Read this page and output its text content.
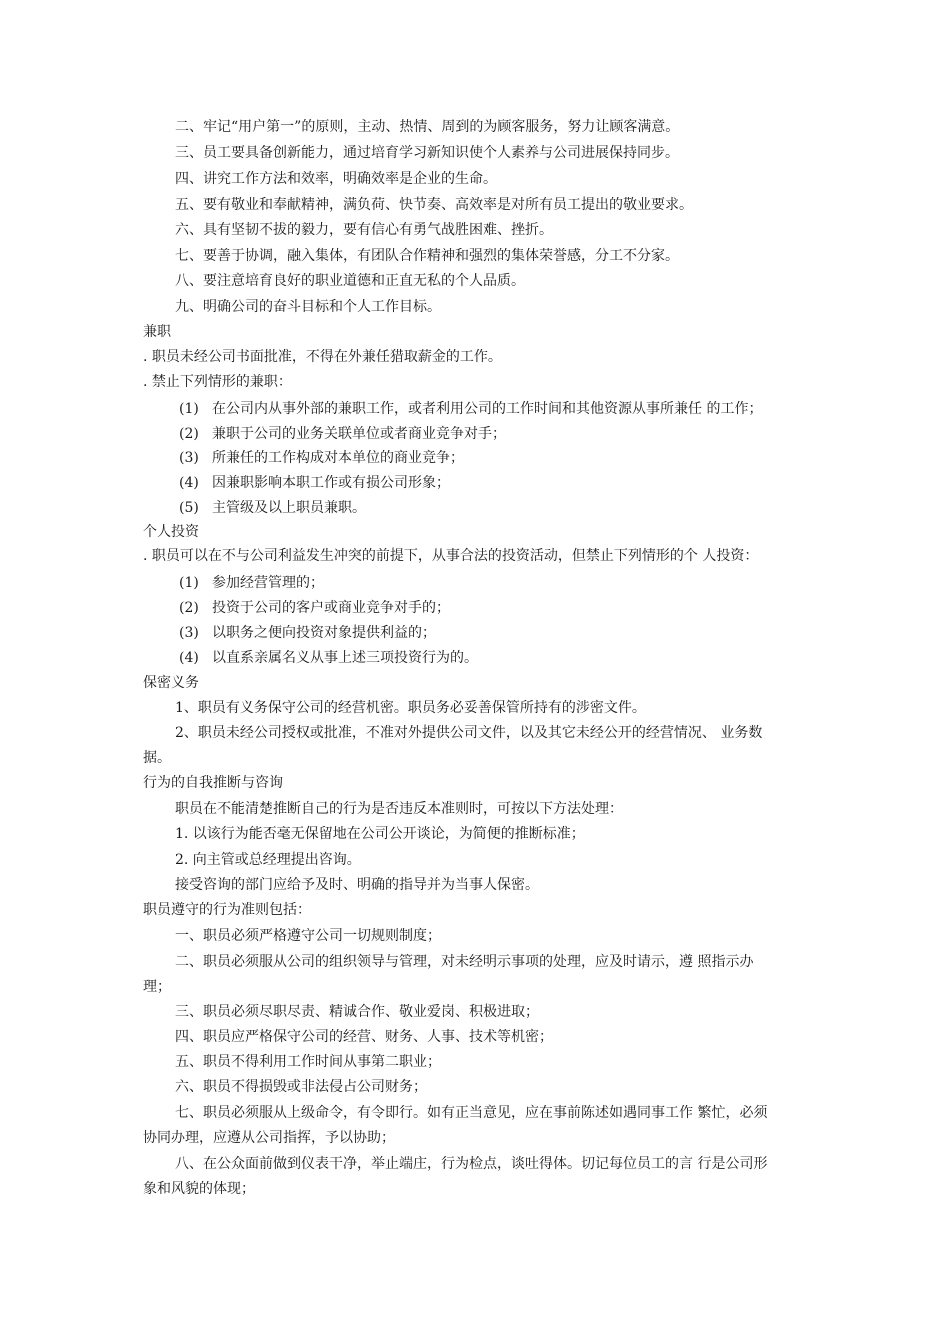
二、牢记“用户第一”的原则，主动、热情、周到的为顾客服务，努力让顾客满意。
三、员工要具备创新能力，通过培育学习新知识使个人素养与公司进展保持同步。
四、讲究工作方法和效率，明确效率是企业的生命。
五、要有敬业和奉献精神，满负荷、快节奏、高效率是对所有员工提出的敬业要求。
六、具有坚韧不拔的毅力，要有信心有勇气战胜困难、挫折。
七、要善于协调，融入集体，有团队合作精神和强烈的集体荣誉感，分工不分家。
八、要注意培育良好的职业道德和正直无私的个人品质。
九、明确公司的奋斗目标和个人工作目标。
兼职
. 职员未经公司书面批准，不得在外兼任猎取薪金的工作。
. 禁止下列情形的兼职：
(1) 在公司内从事外部的兼职工作，或者利用公司的工作时间和其他资源从事所兼任 的工作；
(2) 兼职于公司的业务关联单位或者商业竞争对手；
(3) 所兼任的工作构成对本单位的商业竞争；
(4) 因兼职影响本职工作或有损公司形象；
(5) 主管级及以上职员兼职。
个人投资
. 职员可以在不与公司利益发生冲突的前提下，从事合法的投资活动，但禁止下列情形的个 人投资：
(1) 参加经营管理的；
(2) 投资于公司的客户或商业竞争对手的；
(3) 以职务之便向投资对象提供利益的；
(4) 以直系亲属名义从事上述三项投资行为的。
保密义务
1、职员有义务保守公司的经营机密。职员务必妥善保管所持有的涉密文件。
2、职员未经公司授权或批准，不准对外提供公司文件，以及其它未经公开的经营情况、 业务数
据。
行为的自我推断与咨询
职员在不能清楚推断自己的行为是否违反本准则时，可按以下方法处理：
1. 以该行为能否毫无保留地在公司公开谈论，为简便的推断标准；
2. 向主管或总经理提出咨询。
接受咨询的部门应给予及时、明确的指导并为当事人保密。
职员遵守的行为准则包括：
一、职员必须严格遵守公司一切规则制度；
二、职员必须服从公司的组织领导与管理，对未经明示事项的处理，应及时请示，遵 照指示办
理；
三、职员必须尽职尽责、精诚合作、敬业爱岗、积极进取；
四、职员应严格保守公司的经营、财务、人事、技术等机密；
五、职员不得利用工作时间从事第二职业；
六、职员不得损毁或非法侵占公司财务；
七、职员必须服从上级命令，有令即行。如有正当意见，应在事前陈述如遇同事工作 繁忙，必须
协同办理，应遵从公司指挥，予以协助；
八、在公众面前做到仪表干净，举止端庄，行为检点，谈吐得体。切记每位员工的言 行是公司形
象和风貌的体现；
